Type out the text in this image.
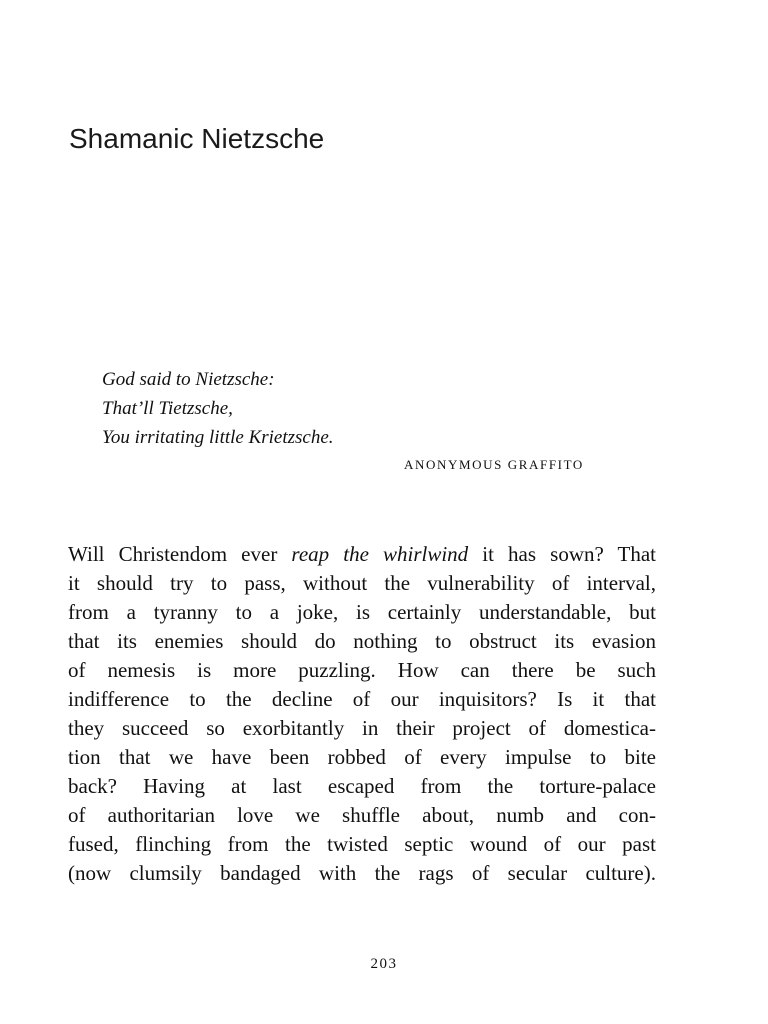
Shamanic Nietzsche
God said to Nietzsche:
That’ll Tietzsche,
You irritating little Krietzsche.
ANONYMOUS GRAFFITO
Will Christendom ever reap the whirlwind it has sown? That
it should try to pass, without the vulnerability of interval,
from a tyranny to a joke, is certainly understandable, but
that its enemies should do nothing to obstruct its evasion
of nemesis is more puzzling. How can there be such
indifference to the decline of our inquisitors? Is it that
they succeed so exorbitantly in their project of domestica-
tion that we have been robbed of every impulse to bite
back? Having at last escaped from the torture-palace
of authoritarian love we shuffle about, numb and con-
fused, flinching from the twisted septic wound of our past
(now clumsily bandaged with the rags of secular culture).
203
